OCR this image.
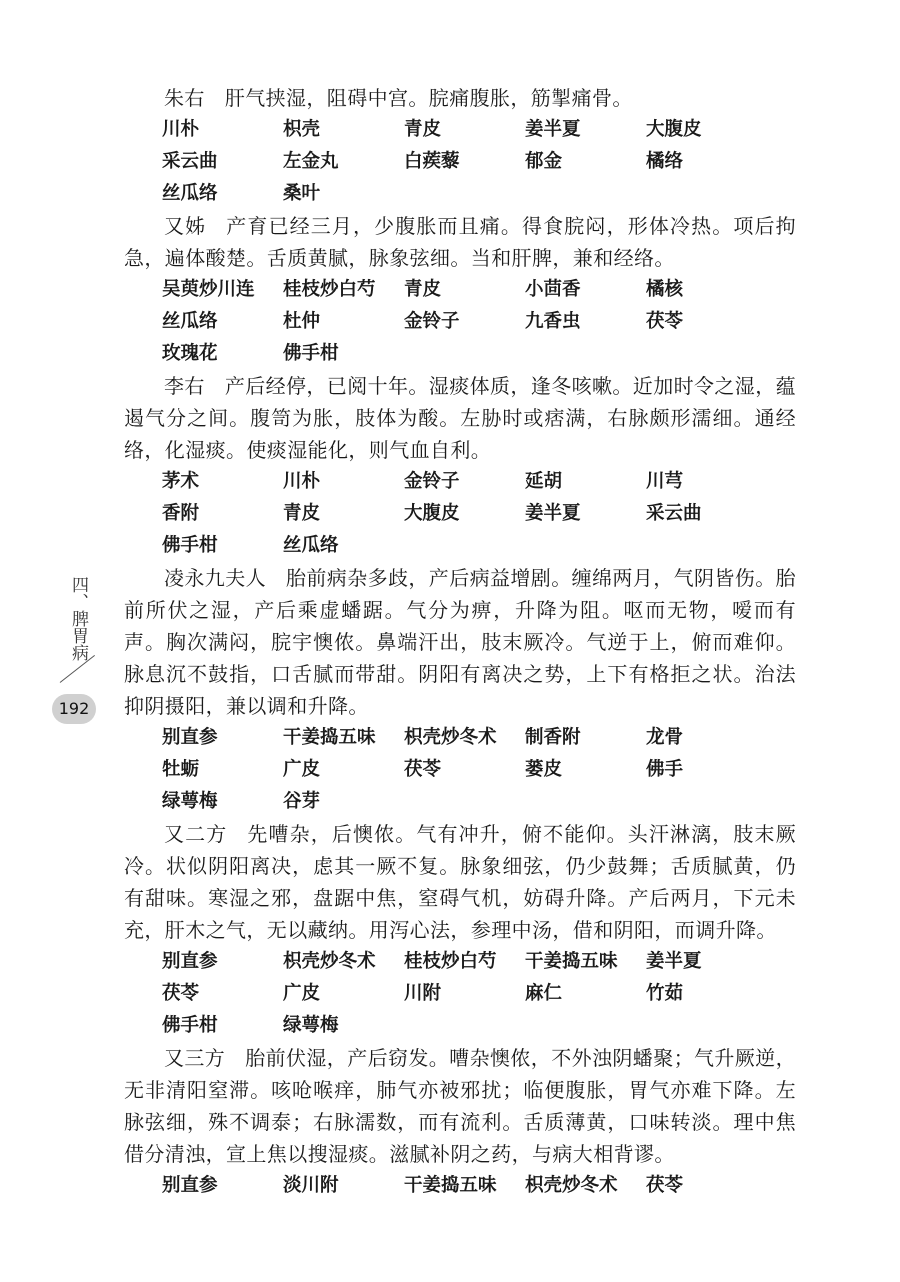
朱右 肝气挟湿，阻碍中宫。脘痛腹胀，筋掣痛骨。

川朴	枳壳	青皮	姜半夏	大腹皮
采云曲	左金丸	白蒺藜	郁金	橘络
丝瓜络	桑叶

又姊 产育已经三月，少腹胀而且痛。得食脘闷，形体冷热。项后拘急，遍体酸楚。舌质黄腻，脉象弦细。当和肝脾，兼和经络。

吴萸炒川连	桂枝炒白芍	青皮	小茴香	橘核
丝瓜络	杜仲	金铃子	九香虫	茯苓
玫瑰花	佛手柑

李右 产后经停，已阅十年。湿痰体质，逢冬咳嗽。近加时令之湿，蕴遏气分之间。腹笥为胀，肢体为酸。左胁时或痞满，右脉颇形濡细。通经络，化湿痰。使痰湿能化，则气血自利。

茅术	川朴	金铃子	延胡	川芎
香附	青皮	大腹皮	姜半夏	采云曲
佛手柑	丝瓜络

凌永九夫人 胎前病杂多歧，产后病益增剧。缠绵两月，气阴皆伤。胎前所伏之湿，产后乘虚蟠踞。气分为痹，升降为阻。呕而无物，嗳而有声。胸次满闷，脘宇懊侬。鼻端汗出，肢末厥冷。气逆于上，俯而难仰。脉息沉不鼓指，口舌腻而带甜。阴阳有离决之势，上下有格拒之状。治法抑阴摄阳，兼以调和升降。

别直参	干姜捣五味	枳壳炒冬术	制香附	龙骨
牡蛎	广皮	茯苓	蒌皮	佛手
绿萼梅	谷芽

又二方 先嘈杂，后懊侬。气有冲升，俯不能仰。头汗淋漓，肢末厥冷。状似阴阳离决，虑其一厥不复。脉象细弦，仍少鼓舞；舌质腻黄，仍有甜味。寒湿之邪，盘踞中焦，窒碍气机，妨碍升降。产后两月，下元未充，肝木之气，无以藏纳。用泻心法，参理中汤，借和阴阳，而调升降。

别直参	枳壳炒冬术	桂枝炒白芍	干姜捣五味	姜半夏
茯苓	广皮	川附	麻仁	竹茹
佛手柑	绿萼梅

又三方 胎前伏湿，产后窃发。嘈杂懊侬，不外浊阴蟠聚；气升厥逆，无非清阳窒滞。咳呛喉痒，肺气亦被邪扰；临便腹胀，胃气亦难下降。左脉弦细，殊不调泰；右脉濡数，而有流利。舌质薄黄，口味转淡。理中焦借分清浊，宣上焦以搜湿痰。滋腻补阴之药，与病大相背谬。

别直参	淡川附	干姜捣五味	枳壳炒冬术	茯苓
四、脾胃病
192
